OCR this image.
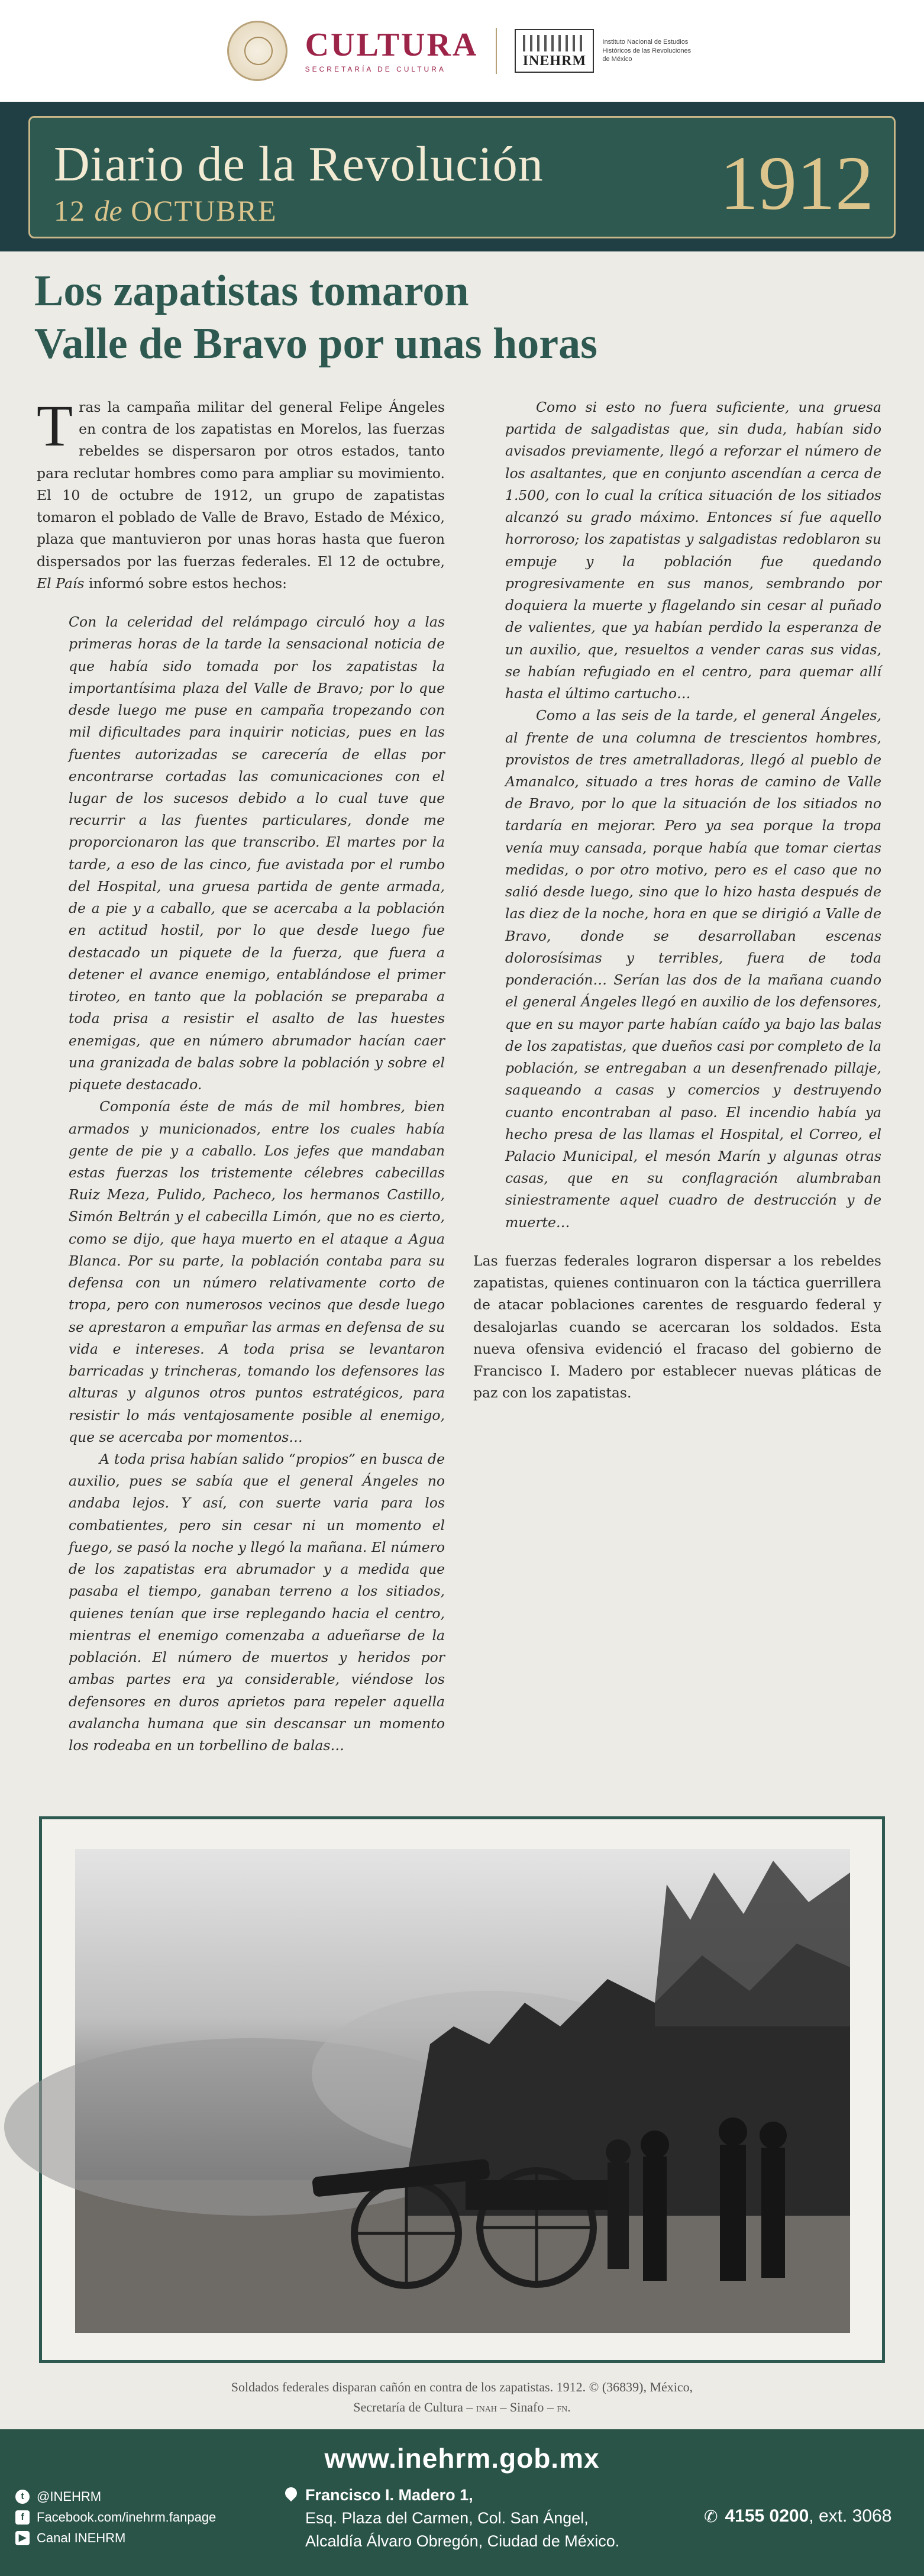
CULTURA
SECRETARÍA DE CULTURA
INEHRM
Instituto Nacional de Estudios Históricos de las Revoluciones de México
Diario de la Revolución
12 de OCTUBRE	1912
Los zapatistas tomaron
Valle de Bravo por unas horas

Tras la campaña militar del general Felipe Ángeles en contra de los zapatistas en Morelos, las fuerzas rebeldes se dispersaron por otros estados, tanto para reclutar hombres como para ampliar su movimiento. El 10 de octubre de 1912, un grupo de zapatistas tomaron el poblado de Valle de Bravo, Estado de México, plaza que mantuvieron por unas horas hasta que fueron dispersados por las fuerzas federales. El 12 de octubre, El País informó sobre estos hechos:

Con la celeridad del relámpago circuló hoy a las primeras horas de la tarde la sensacional noticia de que había sido tomada por los zapatistas la importantísima plaza del Valle de Bravo; por lo que desde luego me puse en campaña tropezando con mil dificultades para inquirir noticias, pues en las fuentes autorizadas se carecería de ellas por encontrarse cortadas las comunicaciones con el lugar de los sucesos debido a lo cual tuve que recurrir a las fuentes particulares, donde me proporcionaron las que transcribo. El martes por la tarde, a eso de las cinco, fue avistada por el rumbo del Hospital, una gruesa partida de gente armada, de a pie y a caballo, que se acercaba a la población en actitud hostil, por lo que desde luego fue destacado un piquete de la fuerza, que fuera a detener el avance enemigo, entablándose el primer tiroteo, en tanto que la población se preparaba a toda prisa a resistir el asalto de las huestes enemigas, que en número abrumador hacían caer una granizada de balas sobre la población y sobre el piquete destacado.

Componía éste de más de mil hombres, bien armados y municionados, entre los cuales había gente de pie y a caballo. Los jefes que mandaban estas fuerzas los tristemente célebres cabecillas Ruiz Meza, Pulido, Pacheco, los hermanos Castillo, Simón Beltrán y el cabecilla Limón, que no es cierto, como se dijo, que haya muerto en el ataque a Agua Blanca. Por su parte, la población contaba para su defensa con un número relativamente corto de tropa, pero con numerosos vecinos que desde luego se aprestaron a empuñar las armas en defensa de su vida e intereses. A toda prisa se levantaron barricadas y trincheras, tomando los defensores las alturas y algunos otros puntos estratégicos, para resistir lo más ventajosamente posible al enemigo, que se acercaba por momentos…

A toda prisa habían salido “propios” en busca de auxilio, pues se sabía que el general Ángeles no andaba lejos. Y así, con suerte varia para los combatientes, pero sin cesar ni un momento el fuego, se pasó la noche y llegó la mañana. El número de los zapatistas era abrumador y a medida que pasaba el tiempo, ganaban terreno a los sitiados, quienes tenían que irse replegando hacia el centro, mientras el enemigo comenzaba a adueñarse de la población. El número de muertos y heridos por ambas partes era ya considerable, viéndose los defensores en duros aprietos para repeler aquella avalancha humana que sin descansar un momento los rodeaba en un torbellino de balas…

Como si esto no fuera suficiente, una gruesa partida de salgadistas que, sin duda, habían sido avisados previamente, llegó a reforzar el número de los asaltantes, que en conjunto ascendían a cerca de 1.500, con lo cual la crítica situación de los sitiados alcanzó su grado máximo. Entonces sí fue aquello horroroso; los zapatistas y salgadistas redoblaron su empuje y la población fue quedando progresivamente en sus manos, sembrando por doquiera la muerte y flagelando sin cesar al puñado de valientes, que ya habían perdido la esperanza de un auxilio, que, resueltos a vender caras sus vidas, se habían refugiado en el centro, para quemar allí hasta el último cartucho…

Como a las seis de la tarde, el general Ángeles, al frente de una columna de trescientos hombres, provistos de tres ametralladoras, llegó al pueblo de Amanalco, situado a tres horas de camino de Valle de Bravo, por lo que la situación de los sitiados no tardaría en mejorar. Pero ya sea porque la tropa venía muy cansada, porque había que tomar ciertas medidas, o por otro motivo, pero es el caso que no salió desde luego, sino que lo hizo hasta después de las diez de la noche, hora en que se dirigió a Valle de Bravo, donde se desarrollaban escenas dolorosísimas y terribles, fuera de toda ponderación… Serían las dos de la mañana cuando el general Ángeles llegó en auxilio de los defensores, que en su mayor parte habían caído ya bajo las balas de los zapatistas, que dueños casi por completo de la población, se entregaban a un desenfrenado pillaje, saqueando a casas y comercios y destruyendo cuanto encontraban al paso. El incendio había ya hecho presa de las llamas el Hospital, el Correo, el Palacio Municipal, el mesón Marín y algunas otras casas, que en su conflagración alumbraban siniestramente aquel cuadro de destrucción y de muerte…

Las fuerzas federales lograron dispersar a los rebeldes zapatistas, quienes continuaron con la táctica guerrillera de atacar poblaciones carentes de resguardo federal y desalojarlas cuando se acercaran los soldados. Esta nueva ofensiva evidenció el fracaso del gobierno de Francisco I. Madero por establecer nuevas pláticas de paz con los zapatistas.

Soldados federales disparan cañón en contra de los zapatistas. 1912. © (36839), México,
Secretaría de Cultura – inah – Sinafo – fn.
www.inehrm.gob.mx
t @INEHRM
f Facebook.com/inehrm.fanpage
▶ Canal INEHRM
Francisco I. Madero 1,
Esq. Plaza del Carmen, Col. San Ángel,
Alcaldía Álvaro Obregón, Ciudad de México.
✆ 4155 0200, ext. 3068
